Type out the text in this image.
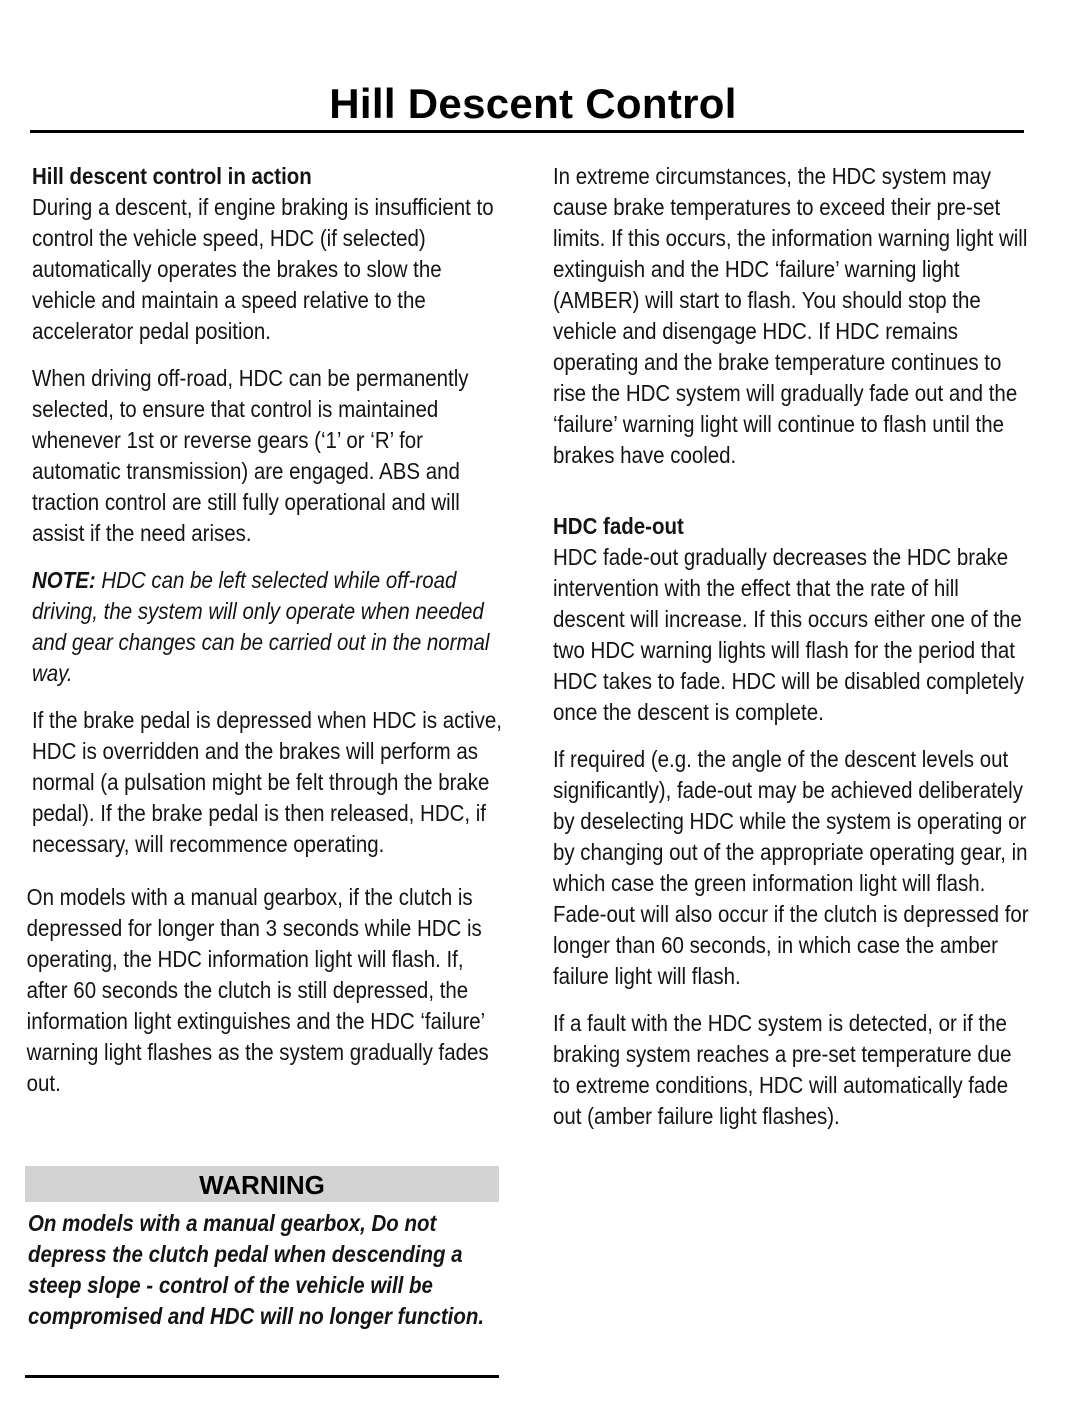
Hill Descent Control

Hill descent control in action

During a descent, if engine braking is insufficient to control the vehicle speed, HDC (if selected) automatically operates the brakes to slow the vehicle and maintain a speed relative to the accelerator pedal position.

When driving off-road, HDC can be permanently selected, to ensure that control is maintained whenever 1st or reverse gears (‘1’ or ‘R’ for automatic transmission) are engaged. ABS and traction control are still fully operational and will assist if the need arises.

NOTE: HDC can be left selected while off-road driving, the system will only operate when needed and gear changes can be carried out in the normal way.

If the brake pedal is depressed when HDC is active, HDC is overridden and the brakes will perform as normal (a pulsation might be felt through the brake pedal). If the brake pedal is then released, HDC, if necessary, will recommence operating.

On models with a manual gearbox, if the clutch is depressed for longer than 3 seconds while HDC is operating, the HDC information light will flash. If, after 60 seconds the clutch is still depressed, the information light extinguishes and the HDC ‘failure’ warning light flashes as the system gradually fades out.

WARNING

On models with a manual gearbox, Do not depress the clutch pedal when descending a steep slope - control of the vehicle will be compromised and HDC will no longer function.

In extreme circumstances, the HDC system may cause brake temperatures to exceed their pre-set limits. If this occurs, the information warning light will extinguish and the HDC ‘failure’ warning light (AMBER) will start to flash. You should stop the vehicle and disengage HDC. If HDC remains operating and the brake temperature continues to rise the HDC system will gradually fade out and the ‘failure’ warning light will continue to flash until the brakes have cooled.

HDC fade-out

HDC fade-out gradually decreases the HDC brake intervention with the effect that the rate of hill descent will increase. If this occurs either one of the two HDC warning lights will flash for the period that HDC takes to fade. HDC will be disabled completely once the descent is complete.

If required (e.g. the angle of the descent levels out significantly), fade-out may be achieved deliberately by deselecting HDC while the system is operating or by changing out of the appropriate operating gear, in which case the green information light will flash. Fade-out will also occur if the clutch is depressed for longer than 60 seconds, in which case the amber failure light will flash.

If a fault with the HDC system is detected, or if the braking system reaches a pre-set temperature due to extreme conditions, HDC will automatically fade out (amber failure light flashes).
